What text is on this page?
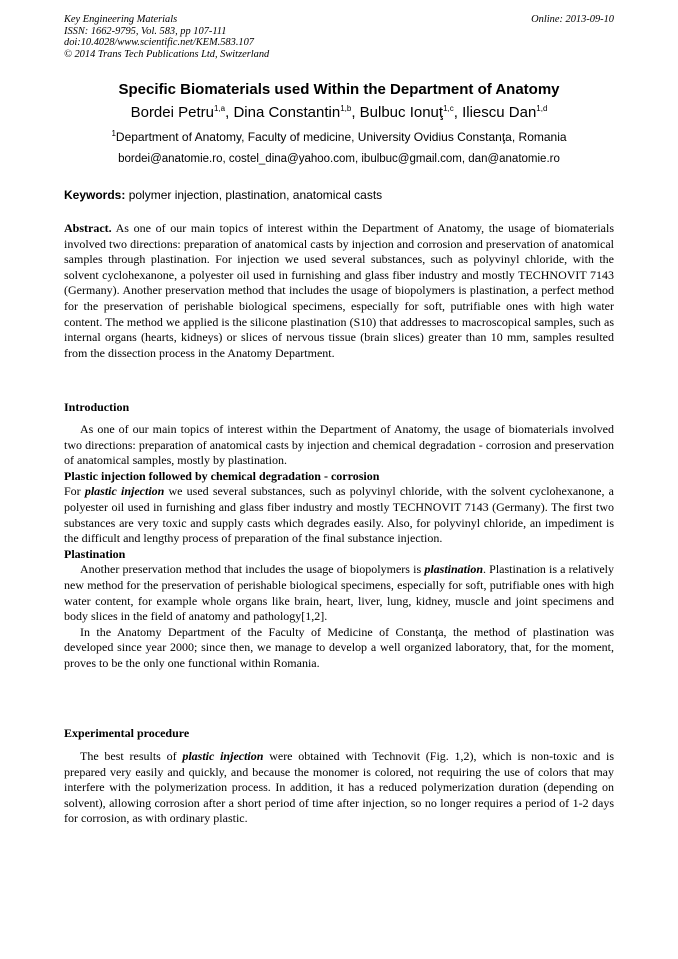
Key Engineering Materials
ISSN: 1662-9795, Vol. 583, pp 107-111
doi:10.4028/www.scientific.net/KEM.583.107
© 2014 Trans Tech Publications Ltd, Switzerland
Online: 2013-09-10
Specific Biomaterials used Within the Department of Anatomy
Bordei Petru$^{1,a}$, Dina Constantin$^{1,b}$, Bulbuc Ionuţ$^{1,c}$, Iliescu Dan$^{1,d}$
$^1$Department of Anatomy, Faculty of medicine, University Ovidius Constanţa, Romania
bordei@anatomie.ro, costel_dina@yahoo.com, ibulbuc@gmail.com, dan@anatomie.ro
Keywords: polymer injection, plastination, anatomical casts

Abstract. As one of our main topics of interest within the Department of Anatomy, the usage of biomaterials involved two directions: preparation of anatomical casts by injection and corrosion and preservation of anatomical samples through plastination. For injection we used several substances, such as polyvinyl chloride, with the solvent cyclohexanone, a polyester oil used in furnishing and glass fiber industry and mostly TECHNOVIT 7143 (Germany). Another preservation method that includes the usage of biopolymers is plastination, a perfect method for the preservation of perishable biological specimens, especially for soft, putrifiable ones with high water content. The method we applied is the silicone plastination (S10) that addresses to macroscopical samples, such as internal organs (hearts, kidneys) or slices of nervous tissue (brain slices) greater than 10 mm, samples resulted from the dissection process in the Anatomy Department.

Introduction

As one of our main topics of interest within the Department of Anatomy, the usage of biomaterials involved two directions: preparation of anatomical casts by injection and chemical degradation - corrosion and preservation of anatomical samples, mostly by plastination.

Plastic injection followed by chemical degradation - corrosion

For plastic injection we used several substances, such as polyvinyl chloride, with the solvent cyclohexanone, a polyester oil used in furnishing and glass fiber industry and mostly TECHNOVIT 7143 (Germany). The first two substances are very toxic and supply casts which degrades easily. Also, for polyvinyl chloride, an impediment is the difficult and lengthy process of preparation of the final substance injection.

Plastination

Another preservation method that includes the usage of biopolymers is plastination. Plastination is a relatively new method for the preservation of perishable biological specimens, especially for soft, putrifiable ones with high water content, for example whole organs like brain, heart, liver, lung, kidney, muscle and joint specimens and body slices in the field of anatomy and pathology[1,2].

In the Anatomy Department of the Faculty of Medicine of Constanţa, the method of plastination was developed since year 2000; since then, we manage to develop a well organized laboratory, that, for the moment, proves to be the only one functional within Romania.

Experimental procedure

The best results of plastic injection were obtained with Technovit (Fig. 1,2), which is non-toxic and is prepared very easily and quickly, and because the monomer is colored, not requiring the use of colors that may interfere with the polymerization process. In addition, it has a reduced polymerization duration (depending on solvent), allowing corrosion after a short period of time after injection, so no longer requires a period of 1-2 days for corrosion, as with ordinary plastic.
